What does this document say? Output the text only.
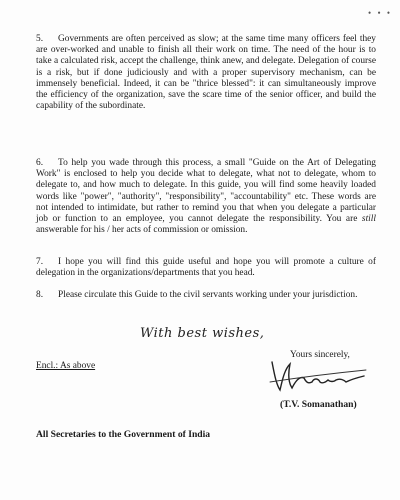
• • •
5. Governments are often perceived as slow; at the same time many officers feel they are over-worked and unable to finish all their work on time. The need of the hour is to take a calculated risk, accept the challenge, think anew, and delegate. Delegation of course is a risk, but if done judiciously and with a proper supervisory mechanism, can be immensely beneficial. Indeed, it can be "thrice blessed": it can simultaneously improve the efficiency of the organization, save the scare time of the senior officer, and build the capability of the subordinate.
6. To help you wade through this process, a small "Guide on the Art of Delegating Work" is enclosed to help you decide what to delegate, what not to delegate, whom to delegate to, and how much to delegate. In this guide, you will find some heavily loaded words like "power", "authority", "responsibility", "accountability" etc. These words are not intended to intimidate, but rather to remind you that when you delegate a particular job or function to an employee, you cannot delegate the responsibility. You are still answerable for his / her acts of commission or omission.
7. I hope you will find this guide useful and hope you will promote a culture of delegation in the organizations/departments that you head.
8. Please circulate this Guide to the civil servants working under your jurisdiction.
With best wishes,
Yours sincerely,
Encl.: As above
(T.V. Somanathan)
All Secretaries to the Government of India
